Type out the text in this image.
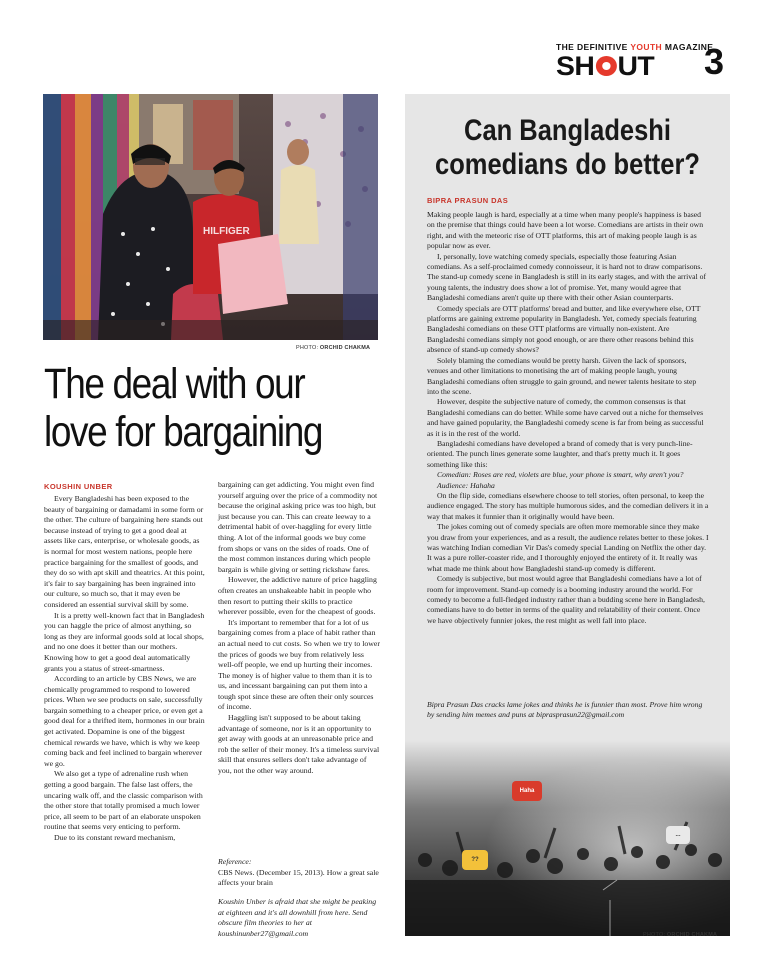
THE DEFINITIVE YOUTH MAGAZINE
SH UT 3
HILFIGER
PHOTO: ORCHID CHAKMA
The deal with our
love for bargaining
KOUSHIN UNBER

Every Bangladeshi has been exposed to the beauty of bargaining or damadami in some form or the other. The culture of bargaining here stands out because instead of trying to get a good deal at assets like cars, enterprise, or wholesale goods, as is normal for most western nations, people here practice bargaining for the smallest of goods, and they do so with apt skill and theatrics. At this point, it's fair to say bargaining has been ingrained into our culture, so much so, that it may even be considered an essential survival skill by some.

It is a pretty well-known fact that in Bangladesh you can haggle the price of almost anything, so long as they are informal goods sold at local shops, and no one does it better than our mothers. Knowing how to get a good deal automatically grants you a status of street-smartness.

According to an article by CBS News, we are chemically programmed to respond to lowered prices. When we see products on sale, successfully bargain something to a cheaper price, or even get a good deal for a thrifted item, hormones in our brain get activated. Dopamine is one of the biggest chemical rewards we have, which is why we keep coming back and feel inclined to bargain wherever we go.

We also get a type of adrenaline rush when getting a good bargain. The false last offers, the uncaring walk off, and the classic comparison with the other store that totally promised a much lower price, all seem to be part of an elaborate unspoken routine that seems very enticing to perform.

Due to its constant reward mechanism,

bargaining can get addicting. You might even find yourself arguing over the price of a commodity not because the original asking price was too high, but just because you can. This can create leeway to a detrimental habit of over-haggling for every little thing. A lot of the informal goods we buy come from shops or vans on the sides of roads. One of the most common instances during which people bargain is while giving or setting rickshaw fares.

However, the addictive nature of price haggling often creates an unshakeable habit in people who then resort to putting their skills to practice wherever possible, even for the cheapest of goods.

It's important to remember that for a lot of us bargaining comes from a place of habit rather than an actual need to cut costs. So when we try to lower the prices of goods we buy from relatively less well-off people, we end up hurting their incomes. The money is of higher value to them than it is to us, and incessant bargaining can put them into a tough spot since these are often their only sources of income.

Haggling isn't supposed to be about taking advantage of someone, nor is it an opportunity to get away with goods at an unreasonable price and rob the seller of their money. It's a timeless survival skill that ensures sellers don't take advantage of you, not the other way around.

Reference:
CBS News. (December 15, 2013). How a great sale affects your brain
Koushin Unber is afraid that she might be peaking at eighteen and it's all downhill from here. Send obscure film theories to her at koushinunber27@gmail.com
Can Bangladeshi
comedians do better?
BIPRA PRASUN DAS

Making people laugh is hard, especially at a time when many people's happiness is based on the premise that things could have been a lot worse. Comedians are artists in their own right, and with the meteoric rise of OTT platforms, this art of making people laugh is as popular now as ever.

I, personally, love watching comedy specials, especially those featuring Asian comedians. As a self-proclaimed comedy connoisseur, it is hard not to draw comparisons. The stand-up comedy scene in Bangladesh is still in its early stages, and with the arrival of young talents, the industry does show a lot of promise. Yet, many would agree that Bangladeshi comedians aren't quite up there with their other Asian counterparts.

Comedy specials are OTT platforms' bread and butter, and like everywhere else, OTT platforms are gaining extreme popularity in Bangladesh. Yet, comedy specials featuring Bangladeshi comedians on these OTT platforms are virtually non-existent. Are Bangladeshi comedians simply not good enough, or are there other reasons behind this absence of stand-up comedy shows?

Solely blaming the comedians would be pretty harsh. Given the lack of sponsors, venues and other limitations to monetising the art of making people laugh, young Bangladeshi comedians often struggle to gain ground, and newer talents hesitate to step into the scene.

However, despite the subjective nature of comedy, the common consensus is that Bangladeshi comedians can do better. While some have carved out a niche for themselves and have gained popularity, the Bangladeshi comedy scene is far from being as successful as it is in the rest of the world.

Bangladeshi comedians have developed a brand of comedy that is very punch-line-oriented. The punch lines generate some laughter, and that's pretty much it. It goes something like this:

Comedian: Roses are red, violets are blue, your phone is smart, why aren't you?

Audience: Hahaha

On the flip side, comedians elsewhere choose to tell stories, often personal, to keep the audience engaged. The story has multiple humorous sides, and the comedian delivers it in a way that makes it funnier than it originally would have been.

The jokes coming out of comedy specials are often more memorable since they make you draw from your experiences, and as a result, the audience relates better to these jokes. I was watching Indian comedian Vir Das's comedy special Landing on Netflix the other day. It was a pure roller-coaster ride, and I thoroughly enjoyed the entirety of it. It really was what made me think about how Bangladeshi stand-up comedy is different.

Comedy is subjective, but most would agree that Bangladeshi comedians have a lot of room for improvement. Stand-up comedy is a booming industry around the world. For comedy to become a full-fledged industry rather than a budding scene here in Bangladesh, comedians have to do better in terms of the quality and relatability of their content. Once we have objectively funnier jokes, the rest might as well fall into place.

Bipra Prasun Das cracks lame jokes and thinks he is funnier than most. Prove him wrong by sending him memes and puns at biprasprasun22@gmail.com
Haha
...
??
PHOTO: ORCHID CHAKMA
